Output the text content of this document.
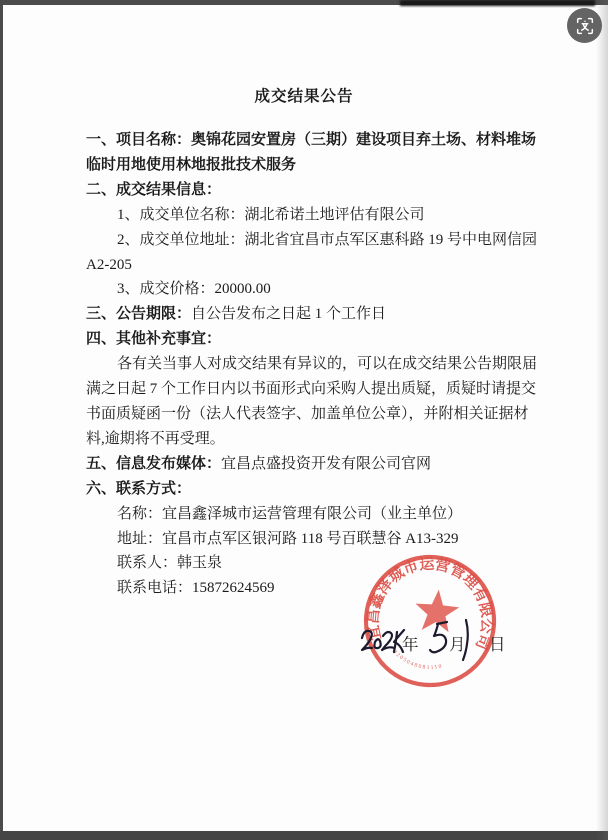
成交结果公告

一、项目名称：奥锦花园安置房（三期）建设项目弃土场、材料堆场

临时用地使用林地报批技术服务

二、成交结果信息：

1、成交单位名称：湖北希诺土地评估有限公司

2、成交单位地址：湖北省宜昌市点军区惠科路 19 号中电网信园

A2-205

3、成交价格：20000.00

三、公告期限：自公告发布之日起 1 个工作日

四、其他补充事宜：

各有关当事人对成交结果有异议的，可以在成交结果公告期限届

满之日起 7 个工作日内以书面形式向采购人提出质疑，质疑时请提交

书面质疑函一份（法人代表签字、加盖单位公章），并附相关证据材

料,逾期将不再受理。

五、信息发布媒体：宜昌点盛投资开发有限公司官网

六、联系方式：

名称：宜昌鑫泽城市运营管理有限公司（业主单位）

地址：宜昌市点军区银河路 118 号百联慧谷 A13-329

联系人：韩玉泉

联系电话：15872624569

宜昌鑫泽城市运营管理有限公司
4205048081110
年 月 日
